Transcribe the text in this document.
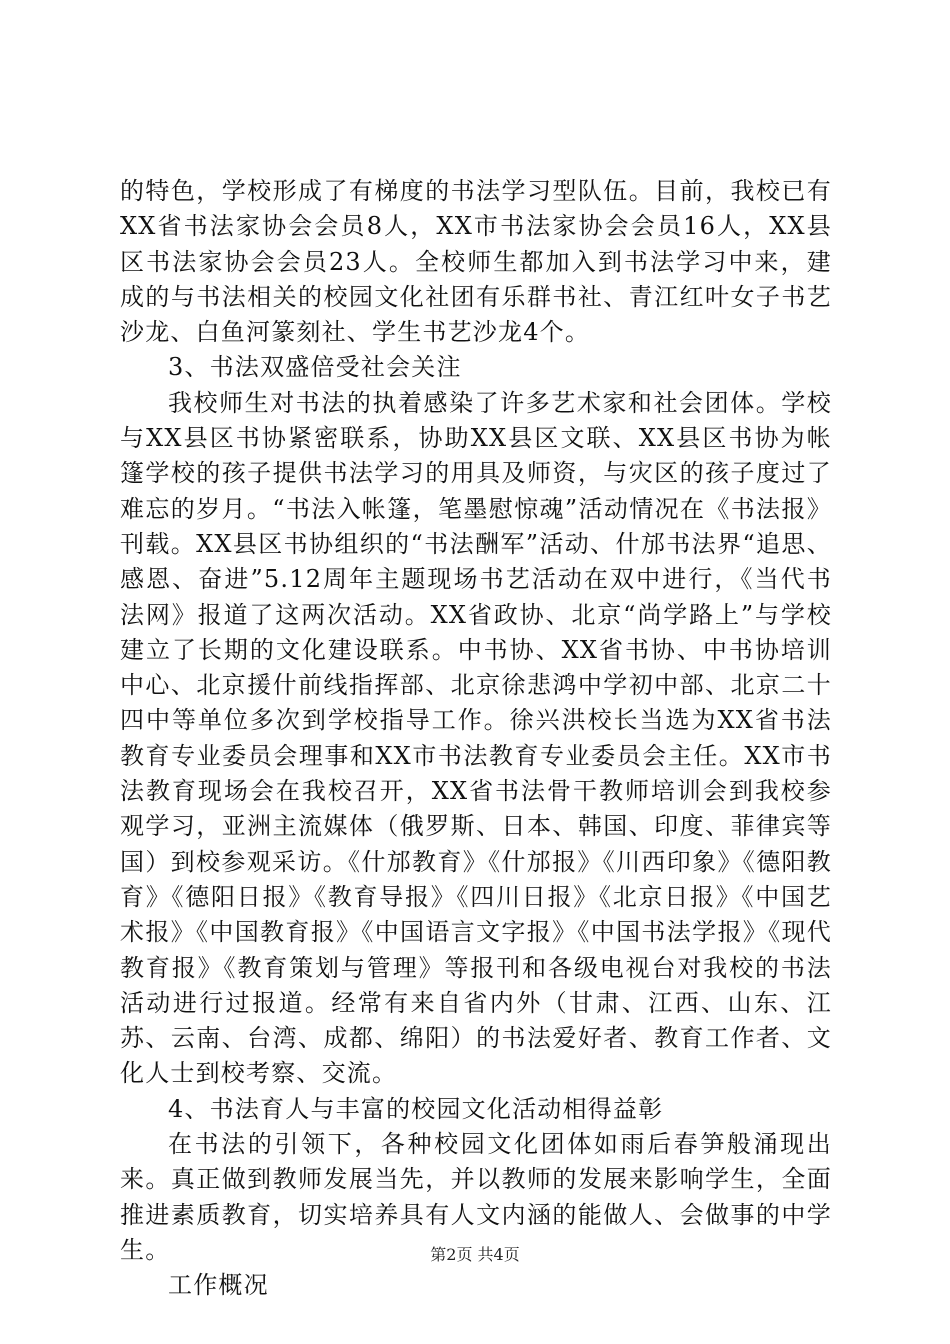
的特色，学校形成了有梯度的书法学习型队伍。目前，我校已有XX省书法家协会会员8人，XX市书法家协会会员16人，XX县区书法家协会会员23人。全校师生都加入到书法学习中来，建成的与书法相关的校园文化社团有乐群书社、青江红叶女子书艺沙龙、白鱼河篆刻社、学生书艺沙龙4个。

3、书法双盛倍受社会关注

我校师生对书法的执着感染了许多艺术家和社会团体。学校与XX县区书协紧密联系，协助XX县区文联、XX县区书协为帐篷学校的孩子提供书法学习的用具及师资，与灾区的孩子度过了难忘的岁月。“书法入帐篷，笔墨慰惊魂”活动情况在《书法报》刊载。XX县区书协组织的“书法酬军”活动、什邡书法界“追思、感恩、奋进”5.12周年主题现场书艺活动在双中进行，《当代书法网》报道了这两次活动。XX省政协、北京“尚学路上”与学校建立了长期的文化建设联系。中书协、XX省书协、中书协培训中心、北京援什前线指挥部、北京徐悲鸿中学初中部、北京二十四中等单位多次到学校指导工作。徐兴洪校长当选为XX省书法教育专业委员会理事和XX市书法教育专业委员会主任。XX市书法教育现场会在我校召开，XX省书法骨干教师培训会到我校参观学习，亚洲主流媒体（俄罗斯、日本、韩国、印度、菲律宾等国）到校参观采访。《什邡教育》《什邡报》《川西印象》《德阳教育》《德阳日报》《教育导报》《四川日报》《北京日报》《中国艺术报》《中国教育报》《中国语言文字报》《中国书法学报》《现代教育报》《教育策划与管理》等报刊和各级电视台对我校的书法活动进行过报道。经常有来自省内外（甘肃、江西、山东、江苏、云南、台湾、成都、绵阳）的书法爱好者、教育工作者、文化人士到校考察、交流。

4、书法育人与丰富的校园文化活动相得益彰

在书法的引领下，各种校园文化团体如雨后春笋般涌现出来。真正做到教师发展当先，并以教师的发展来影响学生，全面推进素质教育，切实培养具有人文内涵的能做人、会做事的中学生。

工作概况

第2页 共4页
